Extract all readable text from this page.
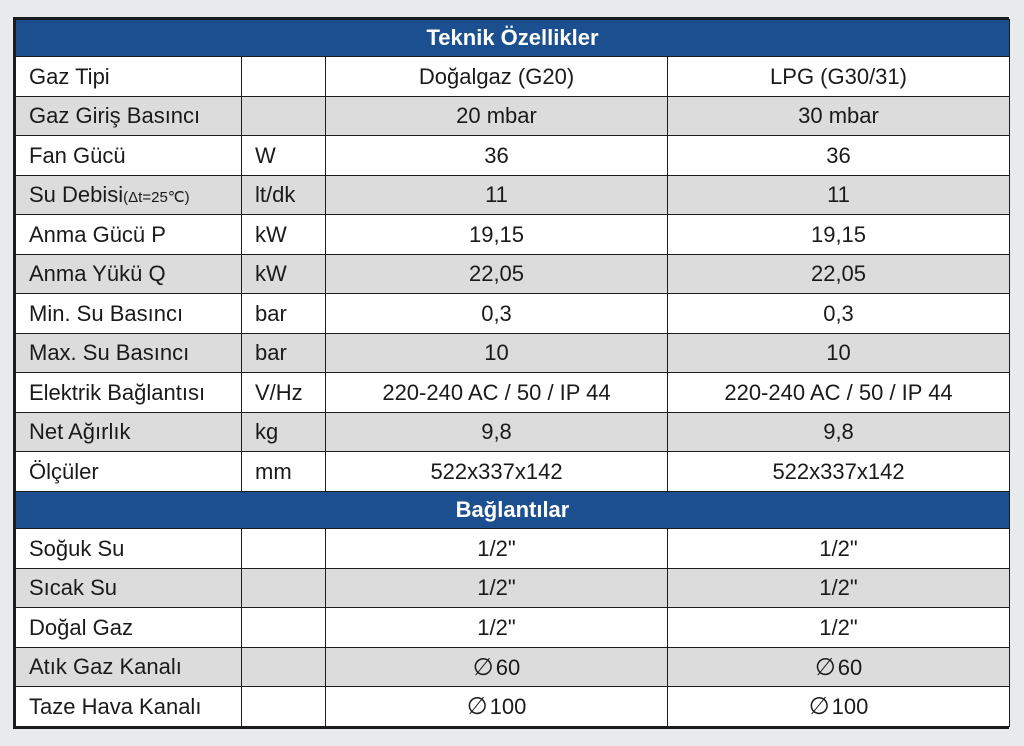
Teknik Özellikler			
Gaz Tipi		Doğalgaz (G20)	LPG (G30/31)
Gaz Giriş Basıncı		20 mbar	30 mbar
Fan Gücü	W	36	36
Su Debisi(Δt=25℃)	lt/dk	11	11
Anma Gücü P	kW	19,15	19,15
Anma Yükü Q	kW	22,05	22,05
Min. Su Basıncı	bar	0,3	0,3
Max. Su Basıncı	bar	10	10
Elektrik Bağlantısı	V/Hz	220-240 AC / 50 / IP 44	220-240 AC / 50 / IP 44
Net Ağırlık	kg	9,8	9,8
Ölçüler	mm	522x337x142	522x337x142
Bağlantılar			
Soğuk Su		1/2"	1/2"
Sıcak Su		1/2"	1/2"
Doğal Gaz		1/2"	1/2"
Atık Gaz Kanalı		∅60	∅60
Taze Hava Kanalı		∅100	∅100
